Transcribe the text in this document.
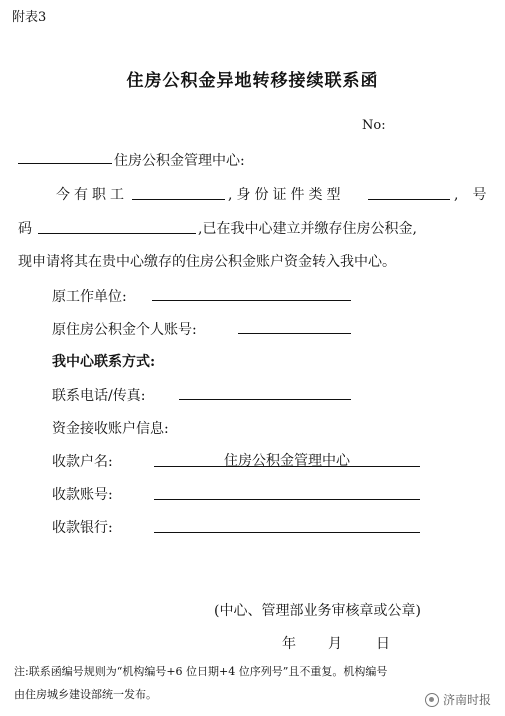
附表3
住房公积金异地转移接续联系函
No:
住房公积金管理中心:
今有职工	,身份证件类型	,号
码	,已在我中心建立并缴存住房公积金,
现申请将其在贵中心缴存的住房公积金账户资金转入我中心。
原工作单位:
原住房公积金个人账号:
我中心联系方式:
联系电话/传真:
资金接收账户信息:
收款户名:	住房公积金管理中心
收款账号:
收款银行:
(中心、管理部业务审核章或公章)
年 月 日
注:联系函编号规则为“机构编号+6 位日期+4 位序列号”且不重复。机构编号
由住房城乡建设部统一发布。	济南时报
